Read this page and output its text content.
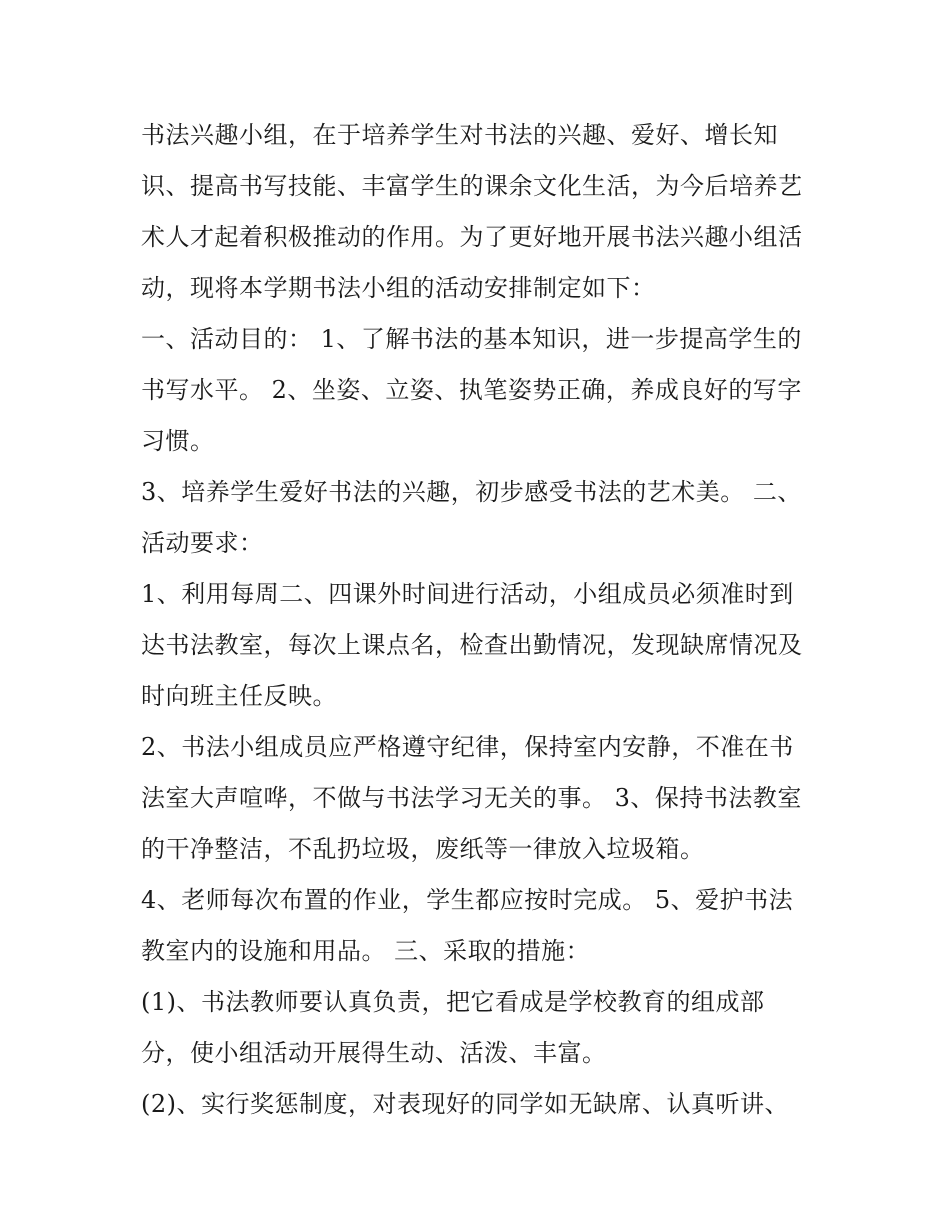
书法兴趣小组，在于培养学生对书法的兴趣、爱好、增长知
识、提高书写技能、丰富学生的课余文化生活，为今后培养艺
术人才起着积极推动的作用。为了更好地开展书法兴趣小组活
动，现将本学期书法小组的活动安排制定如下：
一、活动目的： 1、了解书法的基本知识，进一步提高学生的
书写水平。 2、坐姿、立姿、执笔姿势正确，养成良好的写字
习惯。
3、培养学生爱好书法的兴趣，初步感受书法的艺术美。 二、
活动要求：
1、利用每周二、四课外时间进行活动，小组成员必须准时到
达书法教室，每次上课点名，检查出勤情况，发现缺席情况及
时向班主任反映。
2、书法小组成员应严格遵守纪律，保持室内安静，不准在书
法室大声喧哗，不做与书法学习无关的事。 3、保持书法教室
的干净整洁，不乱扔垃圾，废纸等一律放入垃圾箱。
4、老师每次布置的作业，学生都应按时完成。 5、爱护书法
教室内的设施和用品。 三、采取的措施：
(1)、书法教师要认真负责，把它看成是学校教育的组成部
分，使小组活动开展得生动、活泼、丰富。
(2)、实行奖惩制度，对表现好的同学如无缺席、认真听讲、
